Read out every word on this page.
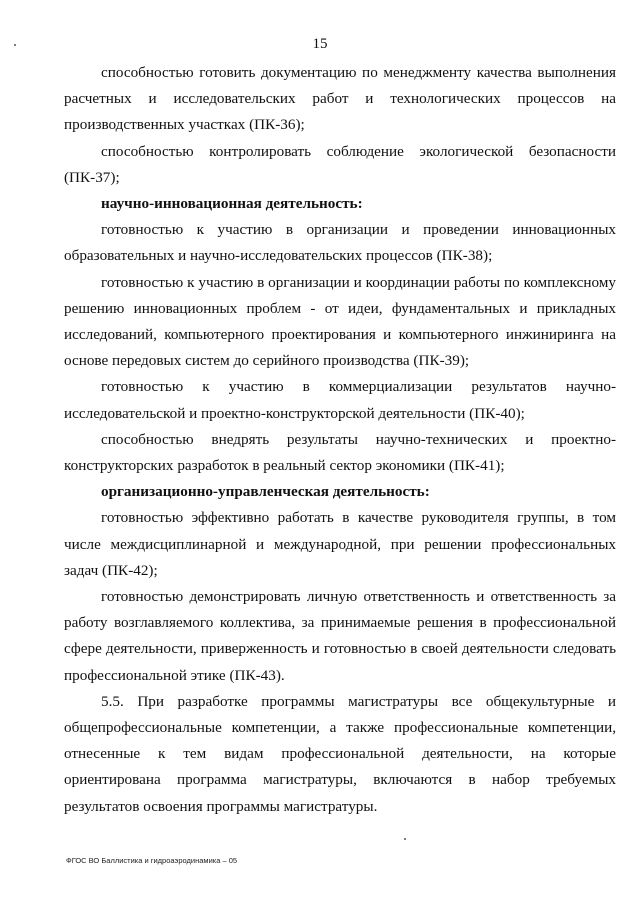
15

способностью готовить документацию по менеджменту качества выполнения расчетных и исследовательских работ и технологических процессов на производственных участках (ПК-36);

способностью контролировать соблюдение экологической безопасности (ПК-37);

научно-инновационная деятельность:

готовностью к участию в организации и проведении инновационных образовательных и научно-исследовательских процессов (ПК-38);

готовностью к участию в организации и координации работы по комплексному решению инновационных проблем - от идеи, фундаментальных и прикладных исследований, компьютерного проектирования и компьютерного инжиниринга на основе передовых систем до серийного производства (ПК-39);

готовностью к участию в коммерциализации результатов научно-исследовательской и проектно-конструкторской деятельности (ПК-40);

способностью внедрять результаты научно-технических и проектно-конструкторских разработок в реальный сектор экономики (ПК-41);

организационно-управленческая деятельность:

готовностью эффективно работать в качестве руководителя группы, в том числе междисциплинарной и международной, при решении профессиональных задач (ПК-42);

готовностью демонстрировать личную ответственность и ответственность за работу возглавляемого коллектива, за принимаемые решения в профессиональной сфере деятельности, приверженность и готовностью в своей деятельности следовать профессиональной этике (ПК-43).

5.5. При разработке программы магистратуры все общекультурные и общепрофессиональные компетенции, а также профессиональные компетенции, отнесенные к тем видам профессиональной деятельности, на которые ориентирована программа магистратуры, включаются в набор требуемых результатов освоения программы магистратуры.

ФГОС ВО Баллистика и гидроаэродинамика – 05
